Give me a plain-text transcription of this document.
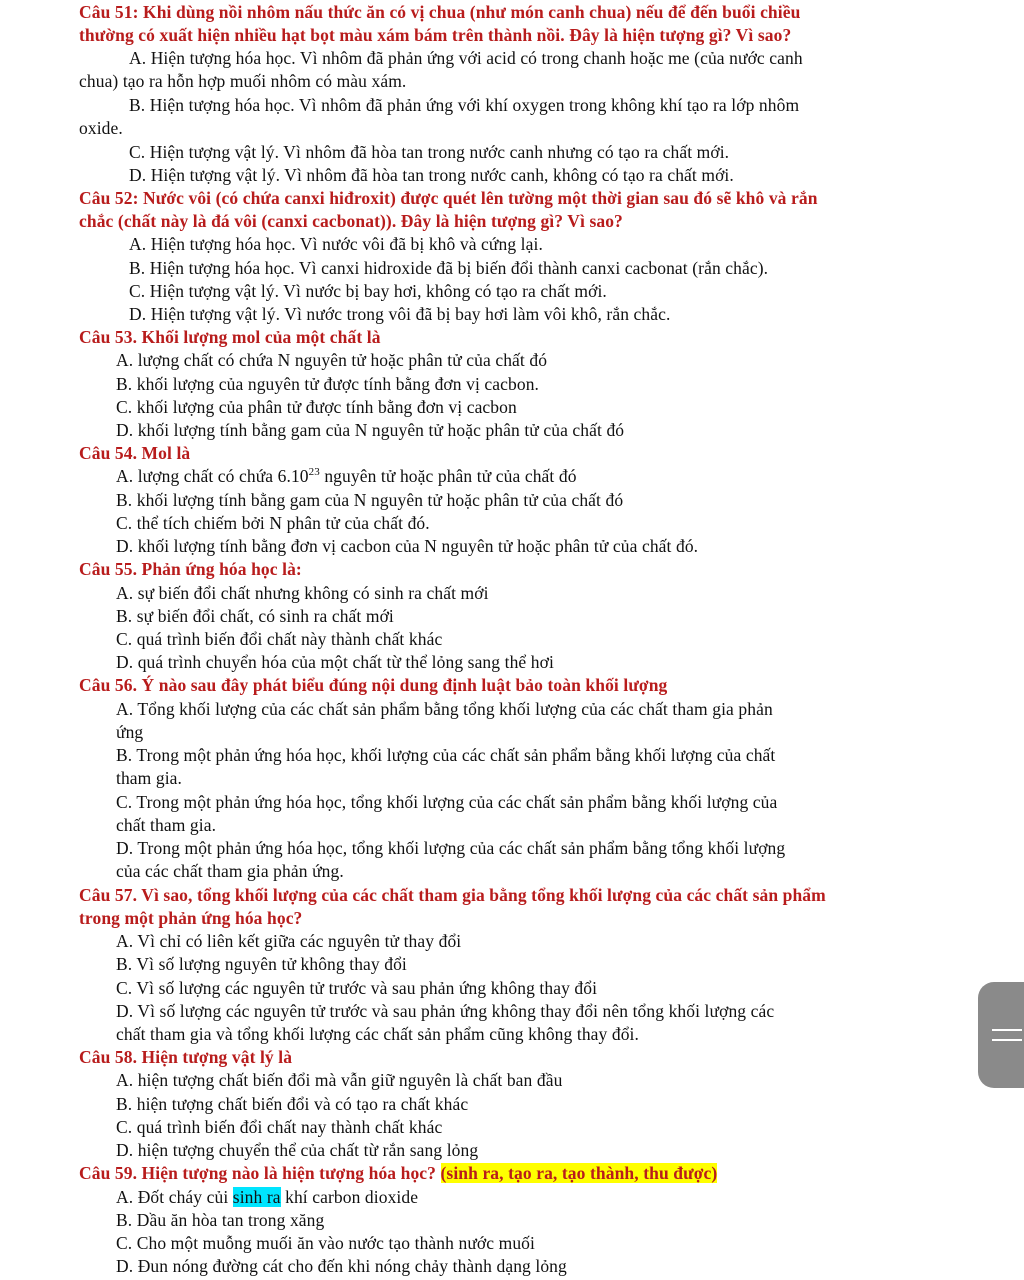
Câu 51: Khi dùng nồi nhôm nấu thức ăn có vị chua (như món canh chua) nếu để đến buổi chiều
thường có xuất hiện nhiều hạt bọt màu xám bám trên thành nồi. Đây là hiện tượng gì? Vì sao?
A. Hiện tượng hóa học. Vì nhôm đã phản ứng với acid có trong chanh hoặc me (của nước canh
chua) tạo ra hỗn hợp muối nhôm có màu xám.
B. Hiện tượng hóa học. Vì nhôm đã phản ứng với khí oxygen trong không khí tạo ra lớp nhôm
oxide.
C. Hiện tượng vật lý. Vì nhôm đã hòa tan trong nước canh nhưng có tạo ra chất mới.
D. Hiện tượng vật lý. Vì nhôm đã hòa tan trong nước canh, không có tạo ra chất mới.
Câu 52: Nước vôi (có chứa canxi hiđroxit) được quét lên tường một thời gian sau đó sẽ khô và rắn
chắc (chất này là đá vôi (canxi cacbonat)). Đây là hiện tượng gì? Vì sao?
A. Hiện tượng hóa học. Vì nước vôi đã bị khô và cứng lại.
B. Hiện tượng hóa học. Vì canxi hidroxide đã bị biến đổi thành canxi cacbonat (rắn chắc).
C. Hiện tượng vật lý. Vì nước bị bay hơi, không có tạo ra chất mới.
D. Hiện tượng vật lý. Vì nước trong vôi đã bị bay hơi làm vôi khô, rắn chắc.
Câu 53. Khối lượng mol của một chất là
A. lượng chất có chứa N nguyên tử hoặc phân tử của chất đó
B. khối lượng của nguyên tử được tính bằng đơn vị cacbon.
C. khối lượng của phân tử được tính bằng đơn vị cacbon
D. khối lượng tính bằng gam của N nguyên tử hoặc phân tử của chất đó
Câu 54. Mol là
A. lượng chất có chứa 6.10$^{23}$ nguyên tử hoặc phân tử của chất đó
B. khối lượng tính bằng gam của N nguyên tử hoặc phân tử của chất đó
C. thể tích chiếm bởi N phân tử của chất đó.
D. khối lượng tính bằng đơn vị cacbon của N nguyên tử hoặc phân tử của chất đó.
Câu 55. Phản ứng hóa học là:
A. sự biến đổi chất nhưng không có sinh ra chất mới
B. sự biến đổi chất, có sinh ra chất mới
C. quá trình biến đổi chất này thành chất khác
D. quá trình chuyển hóa của một chất từ thể lỏng sang thể hơi
Câu 56. Ý nào sau đây phát biểu đúng nội dung định luật bảo toàn khối lượng
A. Tổng khối lượng của các chất sản phẩm bằng tổng khối lượng của các chất tham gia phản
ứng
B. Trong một phản ứng hóa học, khối lượng của các chất sản phẩm bằng khối lượng của chất
tham gia.
C. Trong một phản ứng hóa học, tổng khối lượng của các chất sản phẩm bằng khối lượng của
chất tham gia.
D. Trong một phản ứng hóa học, tổng khối lượng của các chất sản phẩm bằng tổng khối lượng
của các chất tham gia phản ứng.
Câu 57. Vì sao, tổng khối lượng của các chất tham gia bằng tổng khối lượng của các chất sản phẩm
trong một phản ứng hóa học?
A. Vì chỉ có liên kết giữa các nguyên tử thay đổi
B. Vì số lượng nguyên tử không thay đổi
C. Vì số lượng các nguyên tử trước và sau phản ứng không thay đổi
D. Vì số lượng các nguyên tử trước và sau phản ứng không thay đổi nên tổng khối lượng các
chất tham gia và tổng khối lượng các chất sản phẩm cũng không thay đổi.
Câu 58. Hiện tượng vật lý là
A. hiện tượng chất biến đổi mà vẫn giữ nguyên là chất ban đầu
B. hiện tượng chất biến đổi và có tạo ra chất khác
C. quá trình biến đổi chất nay thành chất khác
D. hiện tượng chuyển thể của chất từ rắn sang lỏng
Câu 59. Hiện tượng nào là hiện tượng hóa học? (sinh ra, tạo ra, tạo thành, thu được)
A. Đốt cháy củi sinh ra khí carbon dioxide
B. Dầu ăn hòa tan trong xăng
C. Cho một muỗng muối ăn vào nước tạo thành nước muối
D. Đun nóng đường cát cho đến khi nóng chảy thành dạng lỏng
